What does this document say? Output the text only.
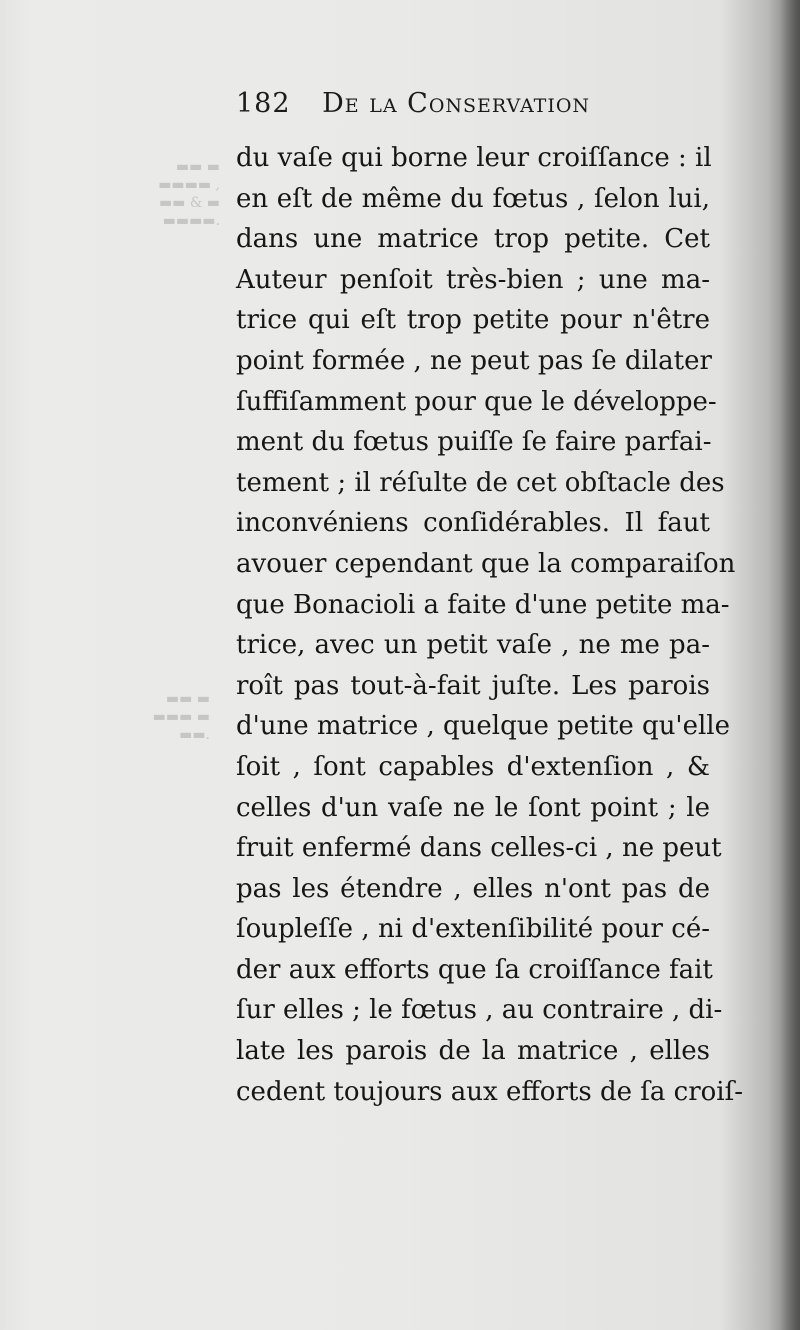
▬▬ ▬
▬▬▬▬ ,
▬▬ & ▬
▬▬▬▬.
▬▬ ▬
▬▬▬ ▬
▬▬.
182 De la Conservation
du vaſe qui borne leur croiſſance : il
en eſt de même du fœtus , ſelon lui,
dans une matrice trop petite. Cet
Auteur penſoit très-bien ; une ma-
trice qui eſt trop petite pour n'être
point formée , ne peut pas ſe dilater
ſuffiſamment pour que le développe-
ment du fœtus puiſſe ſe faire parfai-
tement ; il réſulte de cet obſtacle des
inconvéniens conſidérables. Il faut
avouer cependant que la comparaiſon
que Bonacioli a faite d'une petite ma-
trice, avec un petit vaſe , ne me pa-
roît pas tout-à-fait juſte. Les parois
d'une matrice , quelque petite qu'elle
ſoit , ſont capables d'extenſion , &
celles d'un vaſe ne le ſont point ; le
fruit enfermé dans celles-ci , ne peut
pas les étendre , elles n'ont pas de
ſoupleſſe , ni d'extenſibilité pour cé-
der aux efforts que ſa croiſſance fait
ſur elles ; le fœtus , au contraire , di-
late les parois de la matrice , elles
cedent toujours aux efforts de ſa croiſ-
